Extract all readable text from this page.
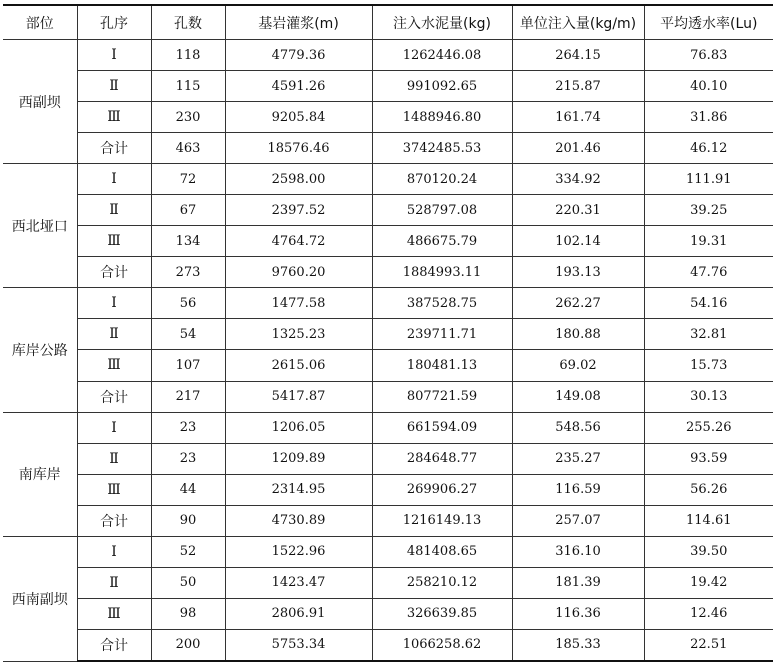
部位	孔序	孔数	基岩灌浆(m)	注入水泥量(kg)	单位注入量(kg/m)	平均透水率(Lu)
西副坝	Ⅰ	118	4779.36	1262446.08	264.15	76.83
	Ⅱ	115	4591.26	991092.65	215.87	40.10
	Ⅲ	230	9205.84	1488946.80	161.74	31.86
	合计	463	18576.46	3742485.53	201.46	46.12
西北垭口	Ⅰ	72	2598.00	870120.24	334.92	111.91
	Ⅱ	67	2397.52	528797.08	220.31	39.25
	Ⅲ	134	4764.72	486675.79	102.14	19.31
	合计	273	9760.20	1884993.11	193.13	47.76
库岸公路	Ⅰ	56	1477.58	387528.75	262.27	54.16
	Ⅱ	54	1325.23	239711.71	180.88	32.81
	Ⅲ	107	2615.06	180481.13	69.02	15.73
	合计	217	5417.87	807721.59	149.08	30.13
南库岸	Ⅰ	23	1206.05	661594.09	548.56	255.26
	Ⅱ	23	1209.89	284648.77	235.27	93.59
	Ⅲ	44	2314.95	269906.27	116.59	56.26
	合计	90	4730.89	1216149.13	257.07	114.61
西南副坝	Ⅰ	52	1522.96	481408.65	316.10	39.50
	Ⅱ	50	1423.47	258210.12	181.39	19.42
	Ⅲ	98	2806.91	326639.85	116.36	12.46
	合计	200	5753.34	1066258.62	185.33	22.51
